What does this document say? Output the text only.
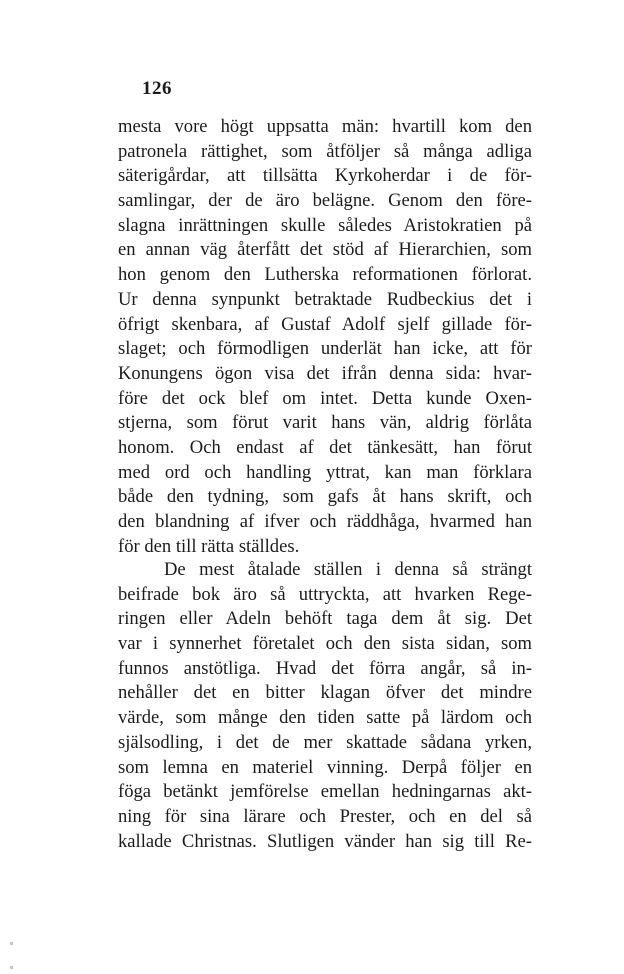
126
mesta vore högt uppsatta män: hvartill kom den
patronela rättighet, som åtföljer så många adliga
säterigårdar, att tillsätta Kyrkoherdar i de för-
samlingar, der de äro belägne. Genom den före-
slagna inrättningen skulle således Aristokratien på
en annan väg återfått det stöd af Hierarchien, som
hon genom den Lutherska reformationen förlorat.
Ur denna synpunkt betraktade Rudbeckius det i
öfrigt skenbara, af Gustaf Adolf sjelf gillade för-
slaget; och förmodligen underlät han icke, att för
Konungens ögon visa det ifrån denna sida: hvar-
före det ock blef om intet. Detta kunde Oxen-
stjerna, som förut varit hans vän, aldrig förlåta
honom. Och endast af det tänkesätt, han förut
med ord och handling yttrat, kan man förklara
både den tydning, som gafs åt hans skrift, och
den blandning af ifver och räddhåga, hvarmed han
för den till rätta ställdes.
De mest åtalade ställen i denna så strängt
beifrade bok äro så uttryckta, att hvarken Rege-
ringen eller Adeln behöft taga dem åt sig. Det
var i synnerhet företalet och den sista sidan, som
funnos anstötliga. Hvad det förra angår, så in-
nehåller det en bitter klagan öfver det mindre
värde, som månge den tiden satte på lärdom och
själsodling, i det de mer skattade sådana yrken,
som lemna en materiel vinning. Derpå följer en
föga betänkt jemförelse emellan hedningarnas akt-
ning för sina lärare och Prester, och en del så
kallade Christnas. Slutligen vänder han sig till Re-
